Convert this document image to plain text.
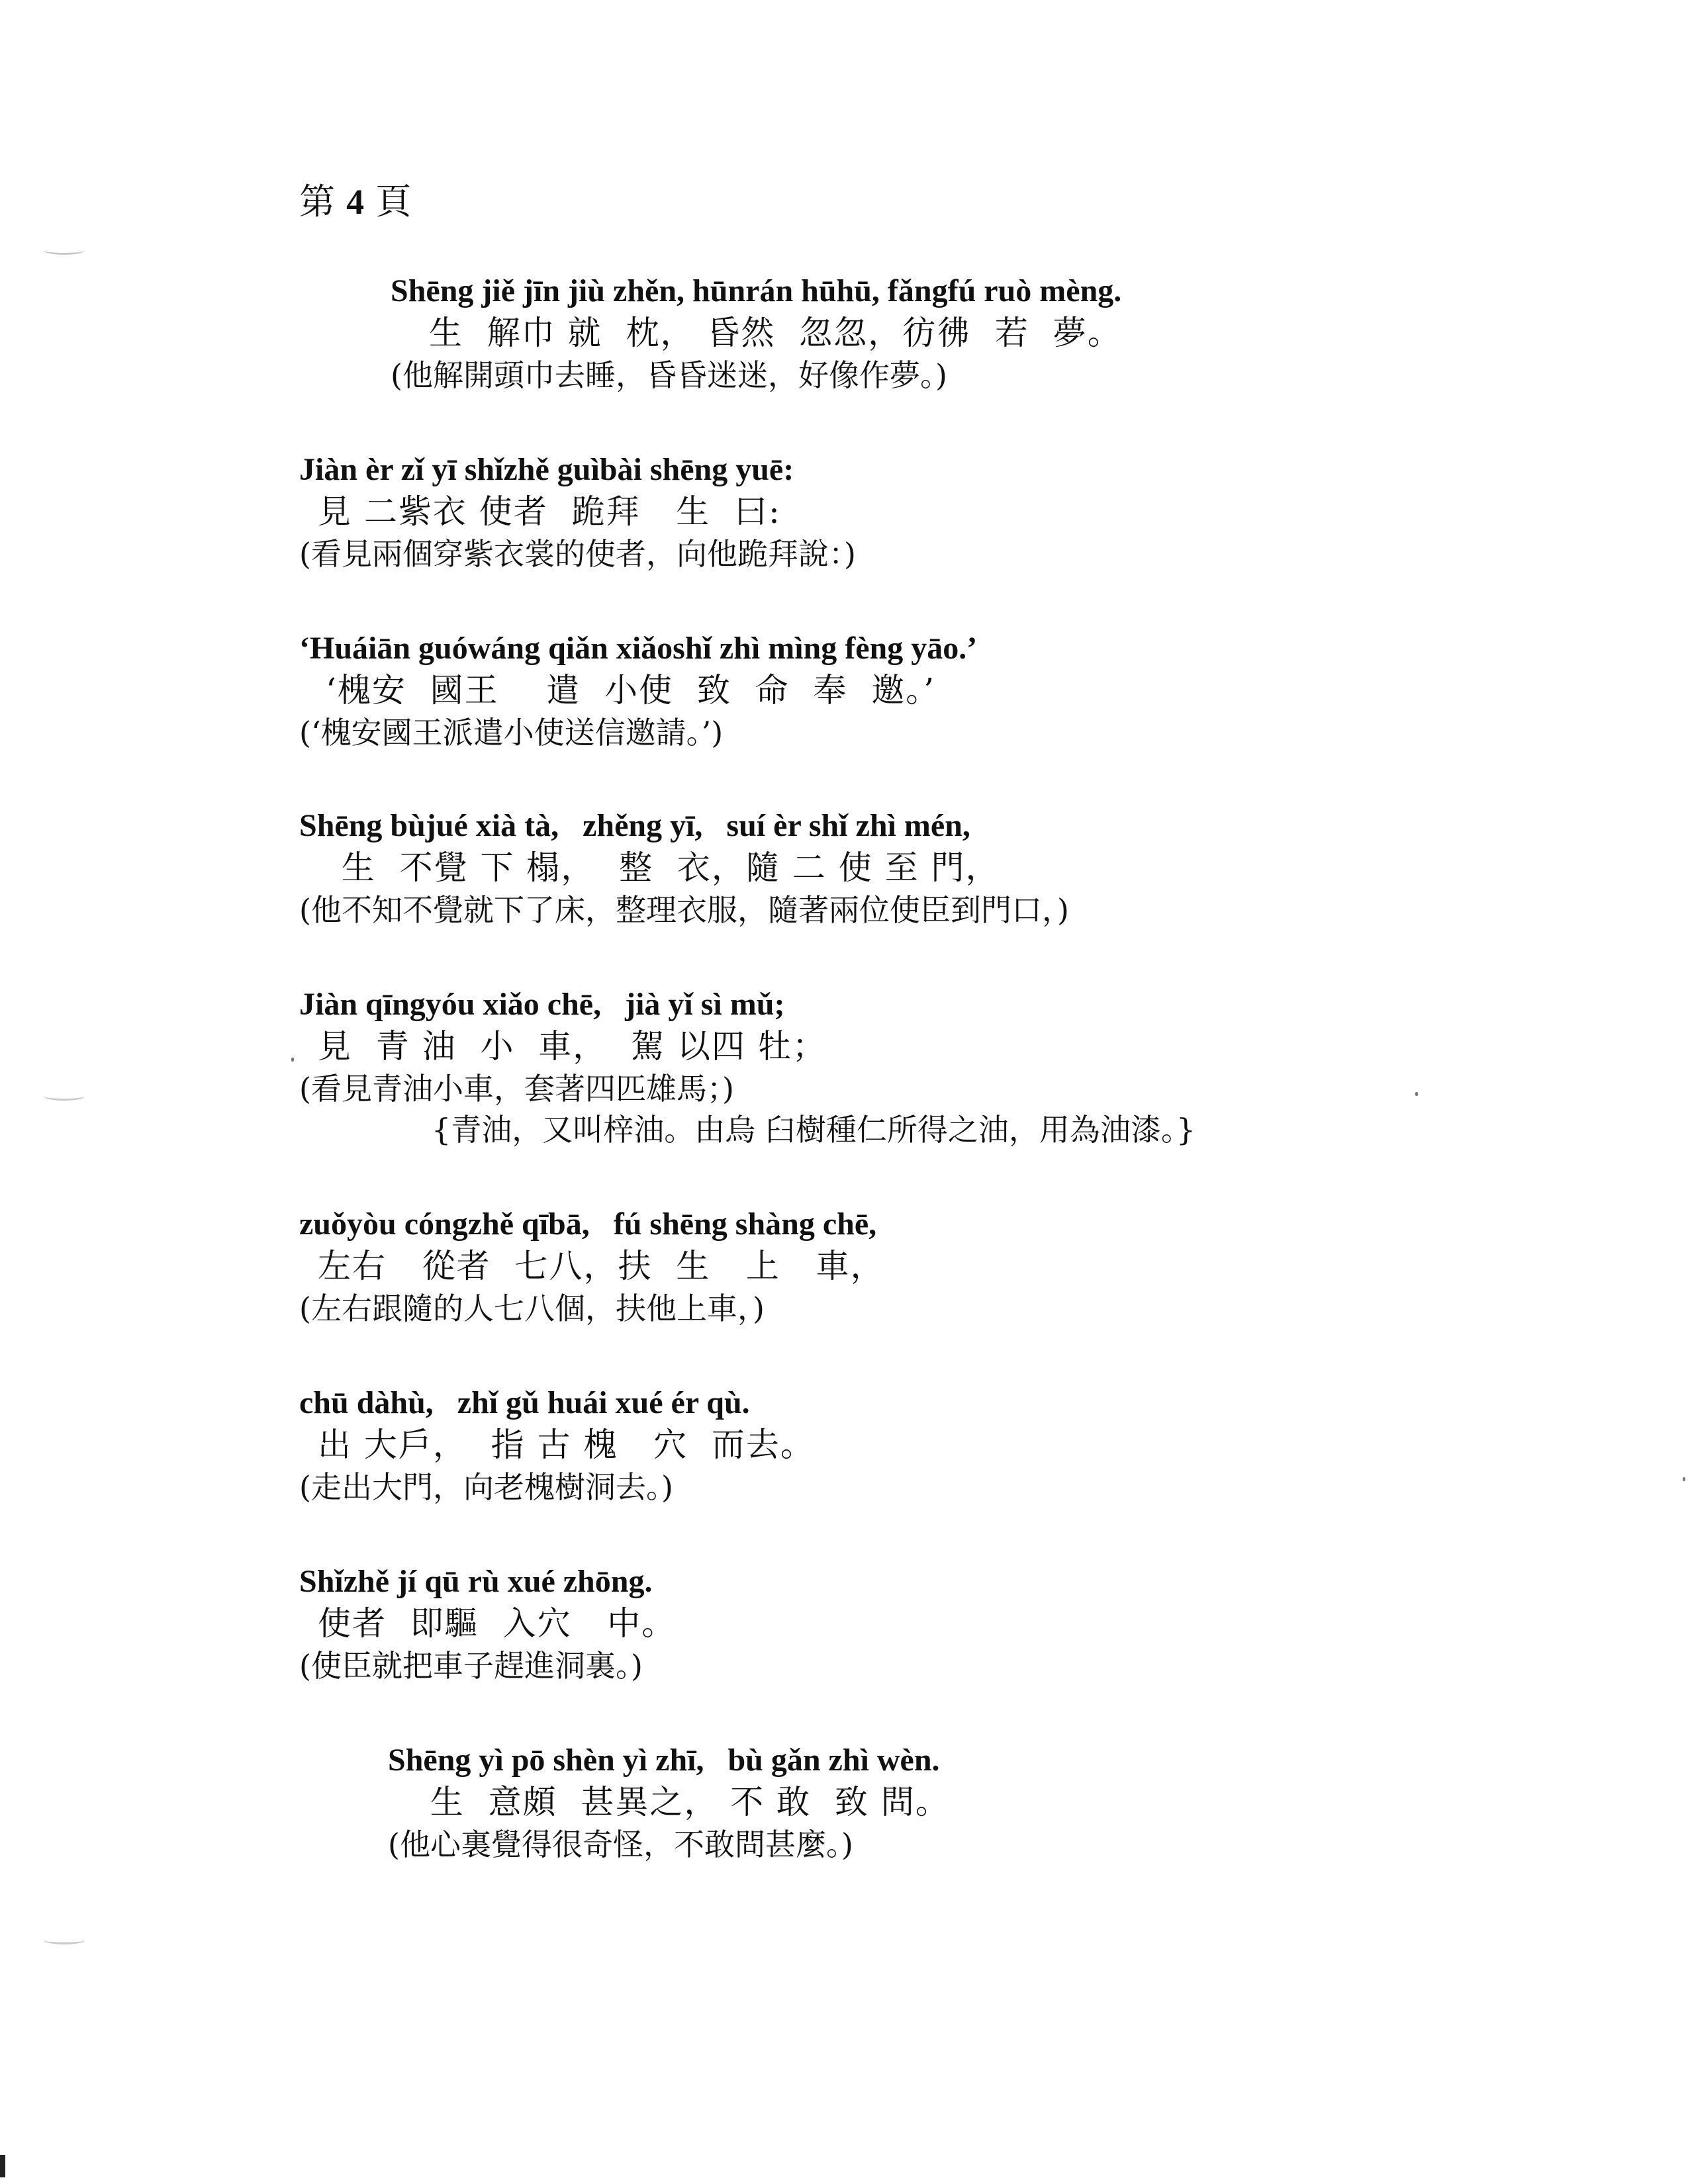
第 4 頁
Shēng jiě jīn jiù zhěn, hūnrán hūhū, fǎngfú ruò mèng.
生  解巾 就  枕， 昏然  忽忽，彷彿  若  夢。
(他解開頭巾去睡，昏昏迷迷，好像作夢。)
Jiàn èr zǐ yī shǐzhě guìbài shēng yuē:
見 二紫衣 使者  跪拜   生  曰:
(看見兩個穿紫衣裳的使者，向他跪拜說：)
‘Huáiān guówáng qiǎn xiǎoshǐ zhì mìng fèng yāo.’
‘槐安  國王    遣  小使  致  命  奉  邀。’
(‘槐安國王派遣小使送信邀請。’)
Shēng bùjué xià tà,   zhěng yī,   suí èr shǐ zhì mén,
生  不覺 下 榻，  整  衣，隨 二 使 至 門，
(他不知不覺就下了床，整理衣服，隨著兩位使臣到門口，)
Jiàn qīngyóu xiǎo chē,   jià yǐ sì mǔ;
見  青 油  小  車，  駕 以四 牡；
(看見青油小車，套著四匹雄馬；)
{青油，又叫梓油。由烏 臼樹種仁所得之油，用為油漆。}
zuǒyòu cóngzhě qībā,   fú shēng shàng chē,
左右   從者  七八，扶  生   上   車，
(左右跟隨的人七八個，扶他上車，)
chū dàhù,   zhǐ gǔ huái xué ér qù.
出 大戶，  指 古 槐   穴  而去。
(走出大門，向老槐樹洞去。)
Shǐzhě jí qū rù xué zhōng.
使者  即驅  入穴   中。
(使臣就把車子趕進洞裏。)
Shēng yì pō shèn yì zhī,   bù gǎn zhì wèn.
生  意頗  甚異之， 不 敢  致 問。
(他心裏覺得很奇怪，不敢問甚麼。)
